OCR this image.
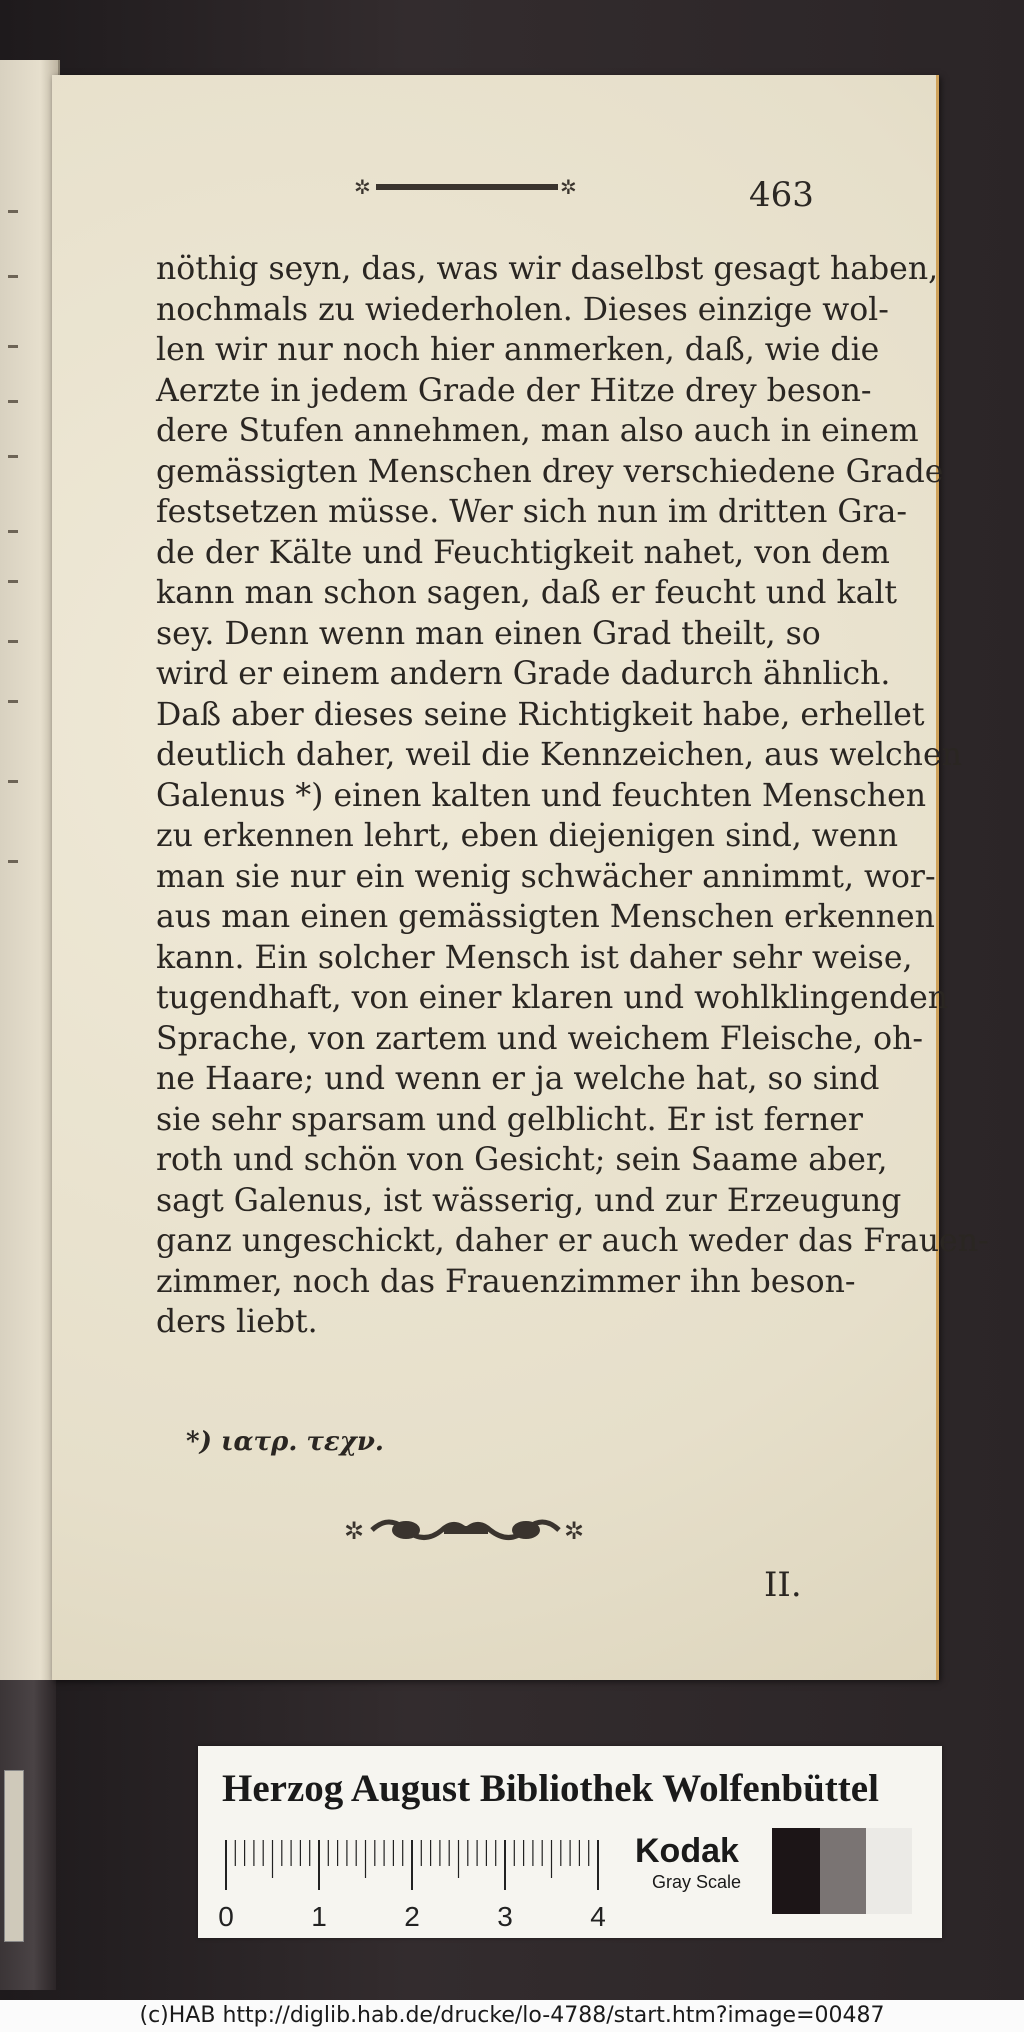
✲	✲	463
nöthig seyn, das, was wir daselbst gesagt haben,
nochmals zu wiederholen. Dieses einzige wol-
len wir nur noch hier anmerken, daß, wie die
Aerzte in jedem Grade der Hitze drey beson-
dere Stufen annehmen, man also auch in einem
gemässigten Menschen drey verschiedene Grade
festsetzen müsse. Wer sich nun im dritten Gra-
de der Kälte und Feuchtigkeit nahet, von dem
kann man schon sagen, daß er feucht und kalt
sey. Denn wenn man einen Grad theilt, so
wird er einem andern Grade dadurch ähnlich.
Daß aber dieses seine Richtigkeit habe, erhellet
deutlich daher, weil die Kennzeichen, aus welchen
Galenus *) einen kalten und feuchten Menschen
zu erkennen lehrt, eben diejenigen sind, wenn
man sie nur ein wenig schwächer annimmt, wor-
aus man einen gemässigten Menschen erkennen
kann. Ein solcher Mensch ist daher sehr weise,
tugendhaft, von einer klaren und wohlklingenden
Sprache, von zartem und weichem Fleische, oh-
ne Haare; und wenn er ja welche hat, so sind
sie sehr sparsam und gelblicht. Er ist ferner
roth und schön von Gesicht; sein Saame aber,
sagt Galenus, ist wässerig, und zur Erzeugung
ganz ungeschickt, daher er auch weder das Frauen-
zimmer, noch das Frauenzimmer ihn beson-
ders liebt.
*) ιατρ. τεχν.
✲	✲
II.
Herzog August Bibliothek Wolfenbüttel
0	1	2	3	4
Kodak
Gray Scale
(c)HAB http://diglib.hab.de/drucke/lo-4788/start.htm?image=00487
